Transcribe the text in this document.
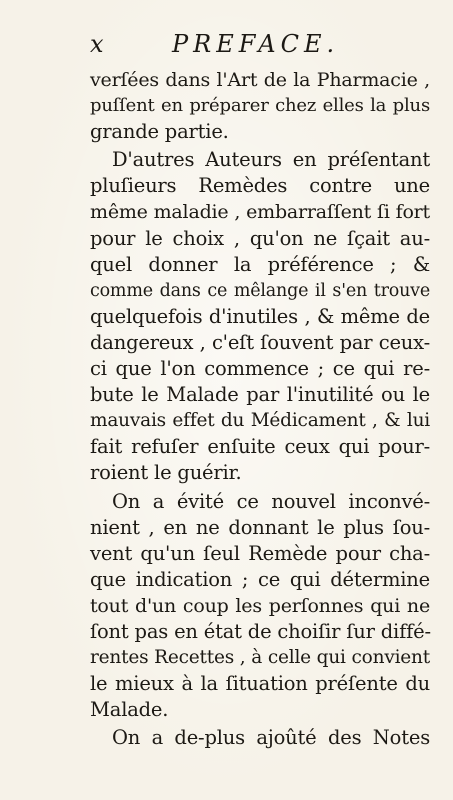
x	PREFACE.
verſées dans l'Art de la Pharmacie ,
puſſent en préparer chez elles la plus
grande partie.
D'autres Auteurs en préſentant
pluſieurs Remèdes contre une
même maladie , embarraſſent ſi fort
pour le choix , qu'on ne ſçait au-
quel donner la préférence ; &
comme dans ce mêlange il s'en trouve
quelquefois d'inutiles , & même de
dangereux , c'eſt ſouvent par ceux-
ci que l'on commence ; ce qui re-
bute le Malade par l'inutilité ou le
mauvais effet du Médicament , & lui
fait refuſer enſuite ceux qui pour-
roient le guérir.
On a évité ce nouvel inconvé-
nient , en ne donnant le plus ſou-
vent qu'un ſeul Remède pour cha-
que indication ; ce qui détermine
tout d'un coup les perſonnes qui ne
ſont pas en état de choiſir ſur diffé-
rentes Recettes , à celle qui convient
le mieux à la ſituation préſente du
Malade.
On a de-plus ajoûté des Notes
